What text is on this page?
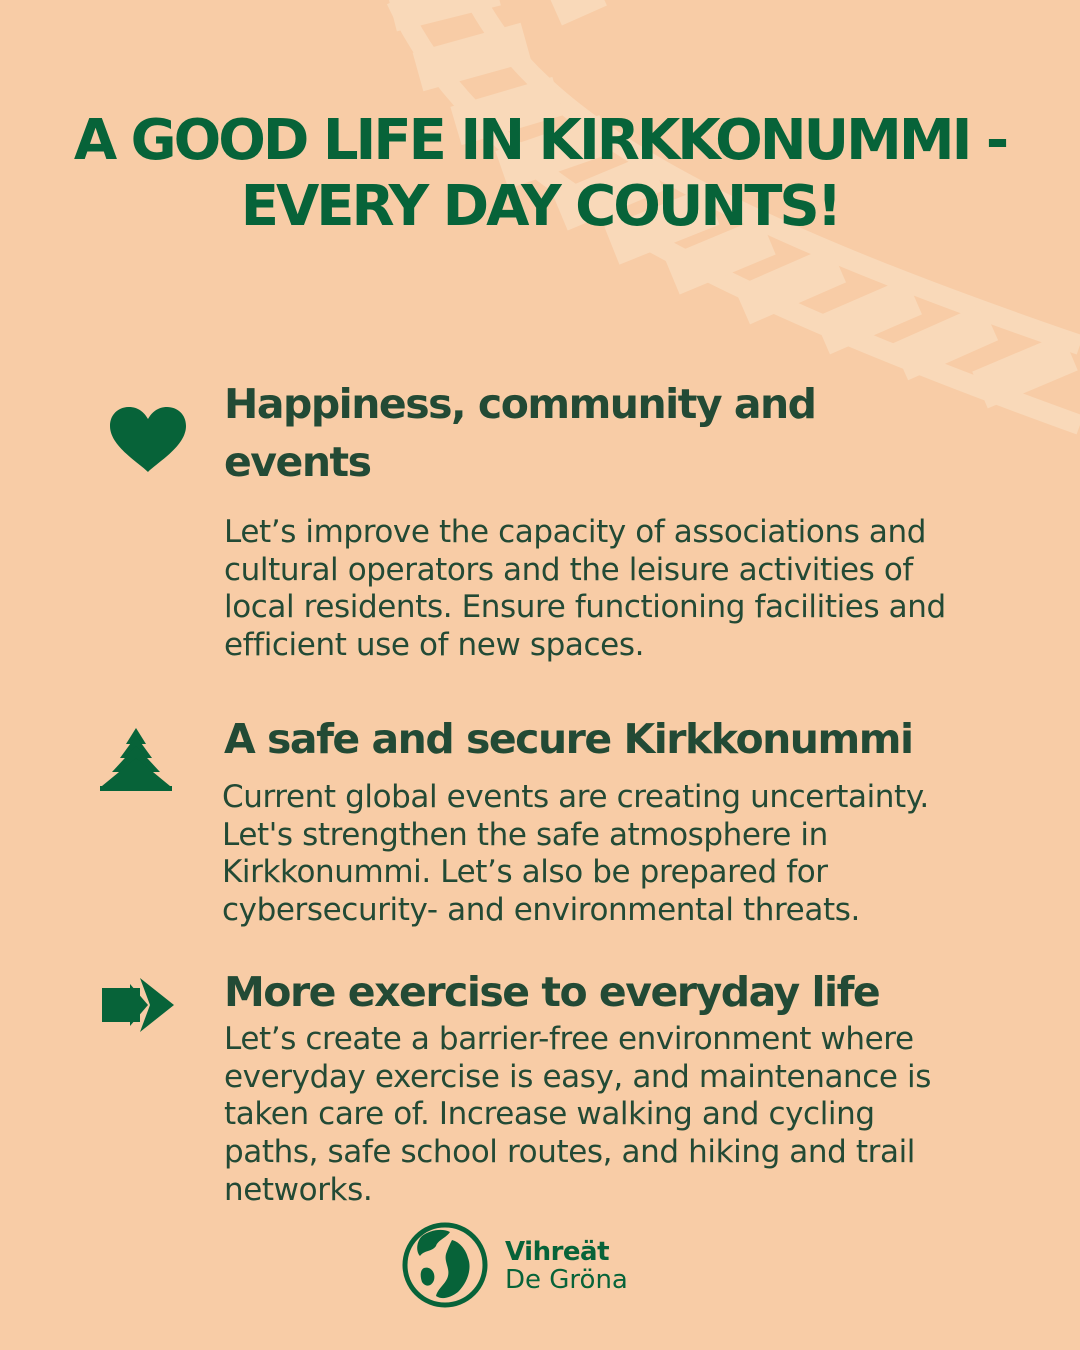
A GOOD LIFE IN KIRKKONUMMI -
EVERY DAY COUNTS!
Happiness, community and
events

Let’s improve the capacity of associations and
cultural operators and the leisure activities of
local residents. Ensure functioning facilities and
efficient use of new spaces.

A safe and secure Kirkkonummi

Current global events are creating uncertainty.
Let's strengthen the safe atmosphere in
Kirkkonummi. Let’s also be prepared for
cybersecurity- and environmental threats.

More exercise to everyday life

Let’s create a barrier-free environment where
everyday exercise is easy, and maintenance is
taken care of. Increase walking and cycling
paths, safe school routes, and hiking and trail
networks.

Vihreät
De Gröna
